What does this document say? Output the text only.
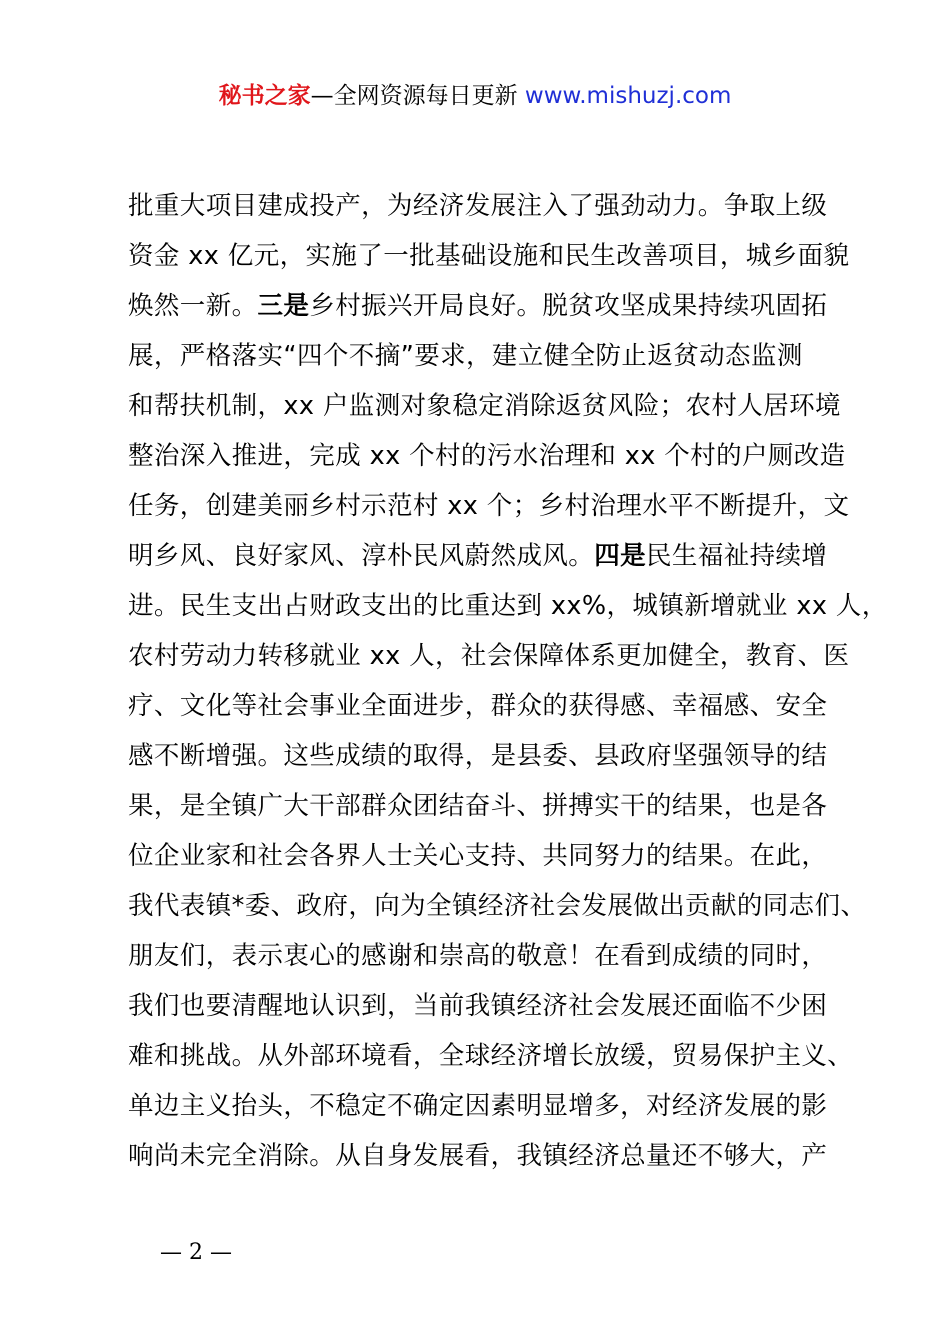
秘书之家—全网资源每日更新 www.mishuzj.com
批重大项目建成投产，为经济发展注入了强劲动力。争取上级
资金 xx 亿元，实施了一批基础设施和民生改善项目，城乡面貌
焕然一新。三是乡村振兴开局良好。脱贫攻坚成果持续巩固拓
展，严格落实“四个不摘”要求，建立健全防止返贫动态监测
和帮扶机制，xx 户监测对象稳定消除返贫风险；农村人居环境
整治深入推进，完成 xx 个村的污水治理和 xx 个村的户厕改造
任务，创建美丽乡村示范村 xx 个；乡村治理水平不断提升，文
明乡风、良好家风、淳朴民风蔚然成风。四是民生福祉持续增
进。民生支出占财政支出的比重达到 xx%，城镇新增就业 xx 人，
农村劳动力转移就业 xx 人，社会保障体系更加健全，教育、医
疗、文化等社会事业全面进步，群众的获得感、幸福感、安全
感不断增强。这些成绩的取得，是县委、县政府坚强领导的结
果，是全镇广大干部群众团结奋斗、拼搏实干的结果，也是各
位企业家和社会各界人士关心支持、共同努力的结果。在此，
我代表镇*委、政府，向为全镇经济社会发展做出贡献的同志们、
朋友们，表示衷心的感谢和崇高的敬意！在看到成绩的同时，
我们也要清醒地认识到，当前我镇经济社会发展还面临不少困
难和挑战。从外部环境看，全球经济增长放缓，贸易保护主义、
单边主义抬头，不稳定不确定因素明显增多，对经济发展的影
响尚未完全消除。从自身发展看，我镇经济总量还不够大，产
— 2 —
